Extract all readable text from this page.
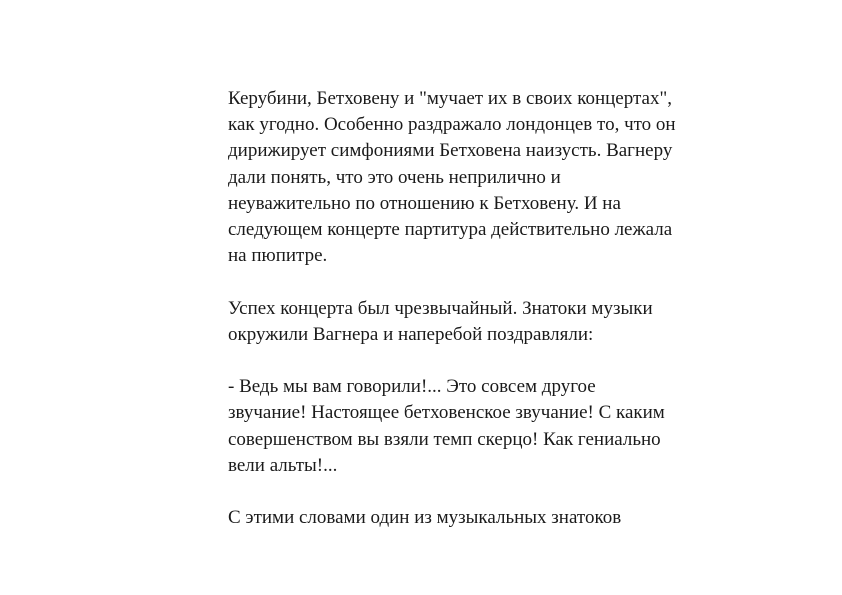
Керубини, Бетховену и "мучает их в своих концертах",
как угодно. Особенно раздражало лондонцев то, что он
дирижирует симфониями Бетховена наизусть. Вагнеру
дали понять, что это очень неприлично и
неуважительно по отношению к Бетховену. И на
следующем концерте партитура действительно лежала
на пюпитре.

Успех концерта был чрезвычайный. Знатоки музыки
окружили Вагнера и наперебой поздравляли:

- Ведь мы вам говорили!... Это совсем другое
звучание! Настоящее бетховенское звучание! С каким
совершенством вы взяли темп скерцо! Как гениально
вели альты!...

С этими словами один из музыкальных знатоков
